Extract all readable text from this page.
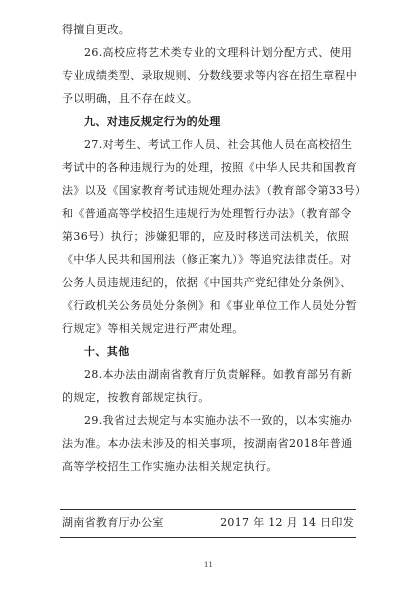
得擅自更改。

26.高校应将艺术类专业的文理科计划分配方式、使用专业成绩类型、录取规则、分数线要求等内容在招生章程中予以明确，且不存在歧义。

九、对违反规定行为的处理

27.对考生、考试工作人员、社会其他人员在高校招生考试中的各种违规行为的处理，按照《中华人民共和国教育法》以及《国家教育考试违规处理办法》（教育部令第33号）和《普通高等学校招生违规行为处理暂行办法》（教育部令第36号）执行；涉嫌犯罪的，应及时移送司法机关，依照《中华人民共和国刑法（修正案九）》等追究法律责任。对公务人员违规违纪的，依据《中国共产党纪律处分条例》、《行政机关公务员处分条例》和《事业单位工作人员处分暂行规定》等相关规定进行严肃处理。

十、其他

28.本办法由湖南省教育厅负责解释。如教育部另有新的规定，按教育部规定执行。

29.我省过去规定与本实施办法不一致的，以本实施办法为准。本办法未涉及的相关事项，按湖南省2018年普通高等学校招生工作实施办法相关规定执行。

湖南省教育厅办公室	2017 年 12 月 14 日印发
11
